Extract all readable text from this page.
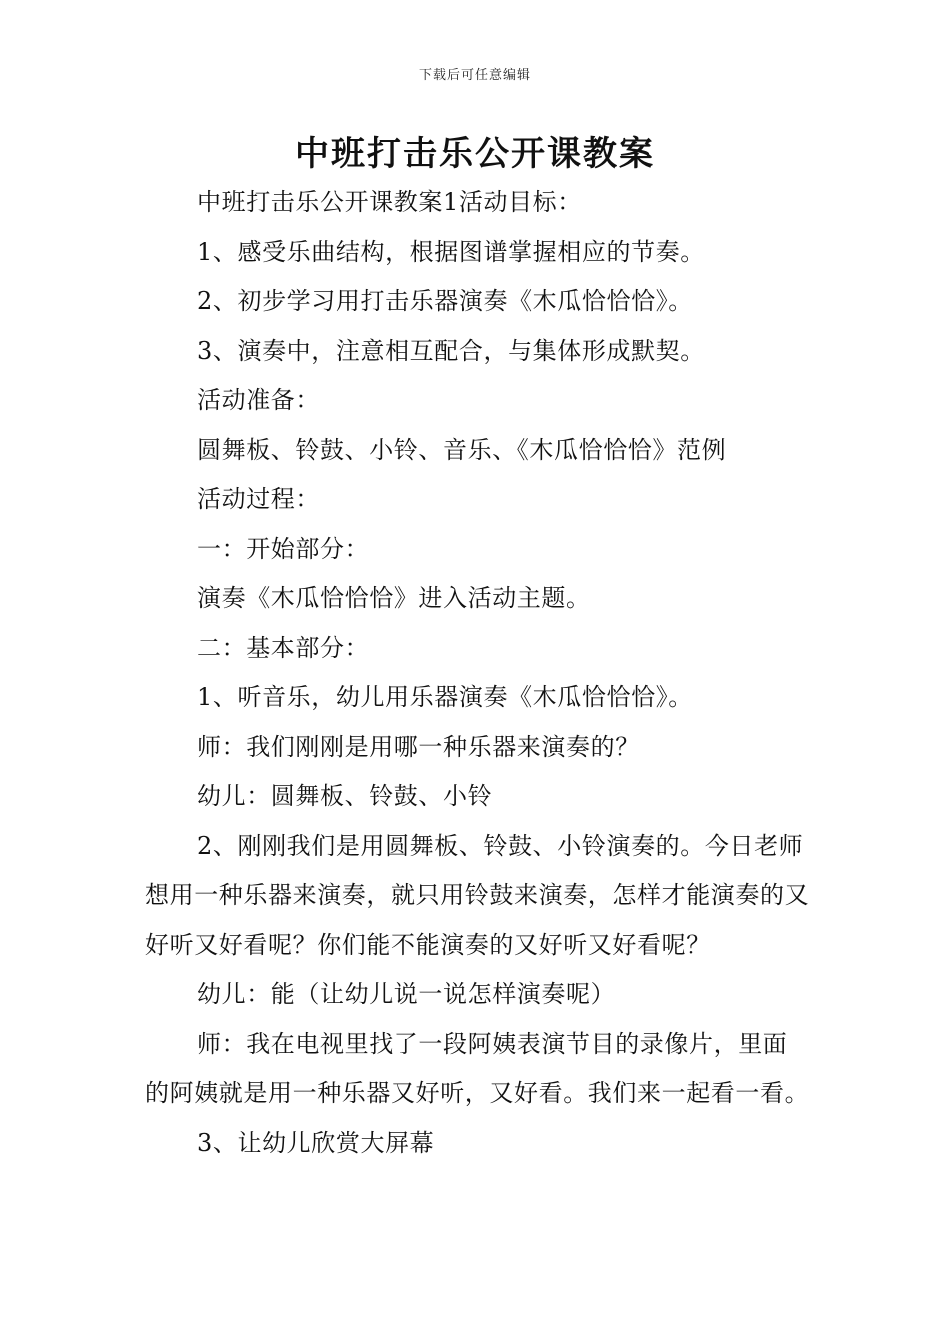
下载后可任意编辑
中班打击乐公开课教案

中班打击乐公开课教案1活动目标：

1、感受乐曲结构，根据图谱掌握相应的节奏。

2、初步学习用打击乐器演奏《木瓜恰恰恰》。

3、演奏中，注意相互配合，与集体形成默契。

活动准备：

圆舞板、铃鼓、小铃、音乐、《木瓜恰恰恰》范例

活动过程：

一：开始部分：

演奏《木瓜恰恰恰》进入活动主题。

二：基本部分：

1、听音乐，幼儿用乐器演奏《木瓜恰恰恰》。

师：我们刚刚是用哪一种乐器来演奏的？

幼儿：圆舞板、铃鼓、小铃

2、刚刚我们是用圆舞板、铃鼓、小铃演奏的。今日老师想用一种乐器来演奏，就只用铃鼓来演奏，怎样才能演奏的又好听又好看呢？你们能不能演奏的又好听又好看呢？

幼儿：能（让幼儿说一说怎样演奏呢）

师：我在电视里找了一段阿姨表演节目的录像片，里面的阿姨就是用一种乐器又好听，又好看。我们来一起看一看。

3、让幼儿欣赏大屏幕
